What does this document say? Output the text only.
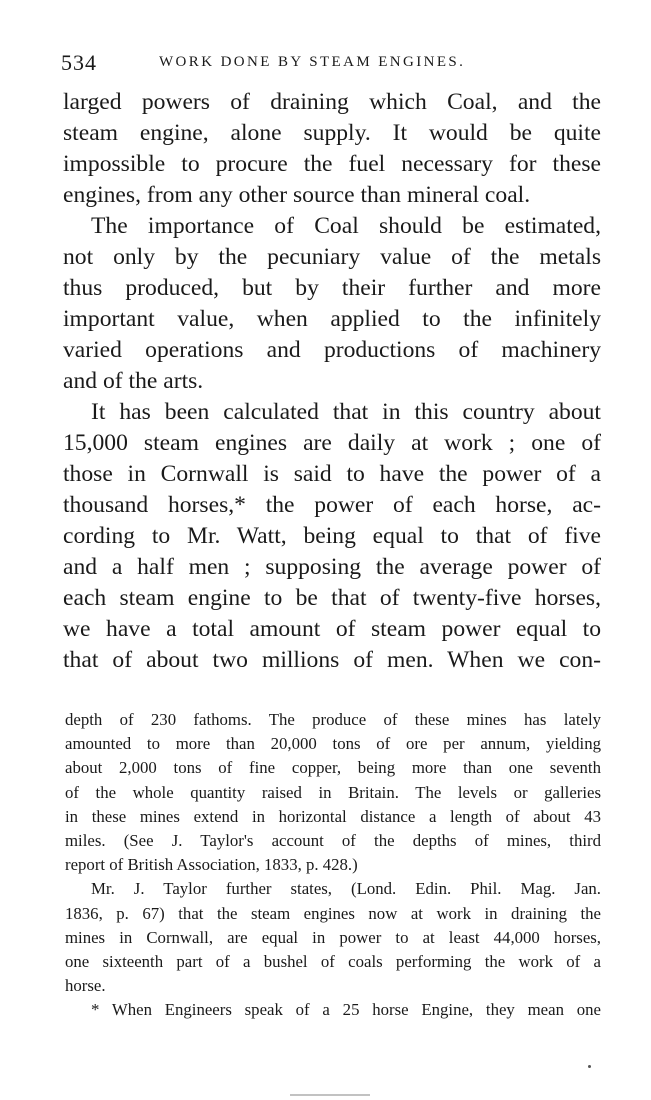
534	WORK DONE BY STEAM ENGINES.

larged powers of draining which Coal, and the

steam engine, alone supply. It would be quite

impossible to procure the fuel necessary for these

engines, from any other source than mineral coal.

The importance of Coal should be estimated,

not only by the pecuniary value of the metals

thus produced, but by their further and more

important value, when applied to the infinitely

varied operations and productions of machinery

and of the arts.

It has been calculated that in this country about

15,000 steam engines are daily at work ; one of

those in Cornwall is said to have the power of a

thousand horses,* the power of each horse, ac-

cording to Mr. Watt, being equal to that of five

and a half men ; supposing the average power of

each steam engine to be that of twenty-five horses,

we have a total amount of steam power equal to

that of about two millions of men. When we con-

depth of 230 fathoms. The produce of these mines has lately

amounted to more than 20,000 tons of ore per annum, yielding

about 2,000 tons of fine copper, being more than one seventh

of the whole quantity raised in Britain. The levels or galleries

in these mines extend in horizontal distance a length of about 43

miles. (See J. Taylor's account of the depths of mines, third

report of British Association, 1833, p. 428.)

Mr. J. Taylor further states, (Lond. Edin. Phil. Mag. Jan.

1836, p. 67) that the steam engines now at work in draining the

mines in Cornwall, are equal in power to at least 44,000 horses,

one sixteenth part of a bushel of coals performing the work of a

horse.

* When Engineers speak of a 25 horse Engine, they mean one
